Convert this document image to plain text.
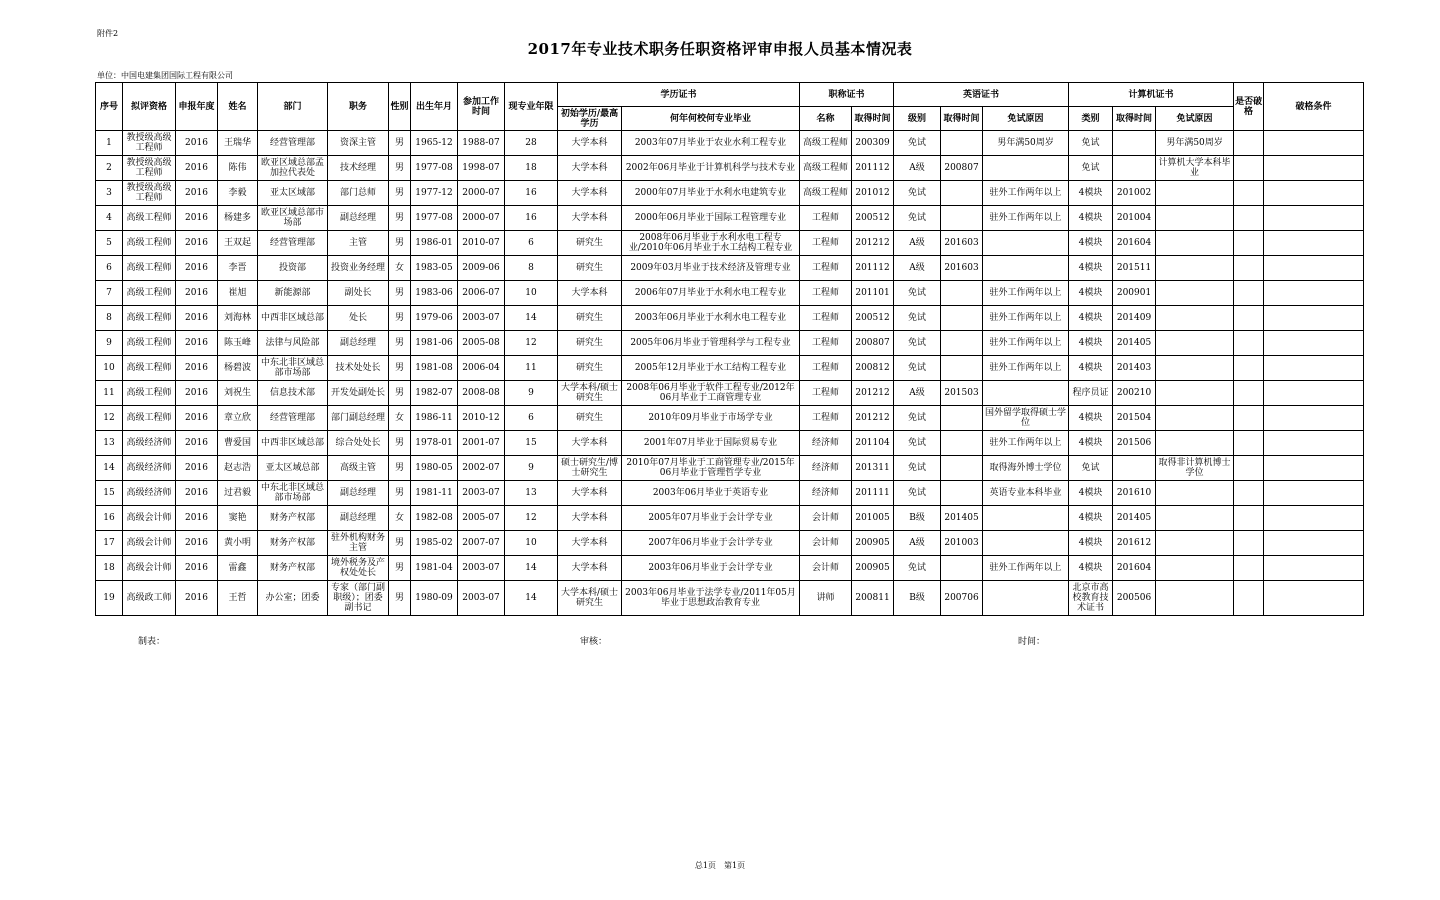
附件2
2017年专业技术职务任职资格评审申报人员基本情况表
单位：中国电建集团国际工程有限公司
序号	拟评资格	申报年度	姓名	部门	职务	性别	出生年月	参加工作时间	现专业年限	学历证书		职称证书		英语证书			计算机证书			是否破格	破格条件
										初始学历/最高学历	何年何校何专业毕业	名称	取得时间	级别	取得时间	免试原因	类别	取得时间	免试原因		
1	教授级高级工程师	2016	王瑞华	经营管理部	资深主管	男	1965-12	1988-07	28	大学本科	2003年07月毕业于农业水利工程专业	高级工程师	200309	免试		男年满50周岁	免试		男年满50周岁		
2	教授级高级工程师	2016	陈伟	欧亚区域总部孟加拉代表处	技术经理	男	1977-08	1998-07	18	大学本科	2002年06月毕业于计算机科学与技术专业	高级工程师	201112	A级	200807		免试		计算机大学本科毕业		
3	教授级高级工程师	2016	李毅	亚太区域部	部门总师	男	1977-12	2000-07	16	大学本科	2000年07月毕业于水利水电建筑专业	高级工程师	201012	免试		驻外工作两年以上	4模块	201002			
4	高级工程师	2016	杨建多	欧亚区域总部市场部	副总经理	男	1977-08	2000-07	16	大学本科	2000年06月毕业于国际工程管理专业	工程师	200512	免试		驻外工作两年以上	4模块	201004			
5	高级工程师	2016	王双起	经营管理部	主管	男	1986-01	2010-07	6	研究生	2008年06月毕业于水利水电工程专业/2010年06月毕业于水工结构工程专业	工程师	201212	A级	201603		4模块	201604			
6	高级工程师	2016	李晋	投资部	投资业务经理	女	1983-05	2009-06	8	研究生	2009年03月毕业于技术经济及管理专业	工程师	201112	A级	201603		4模块	201511			
7	高级工程师	2016	崔旭	新能源部	副处长	男	1983-06	2006-07	10	大学本科	2006年07月毕业于水利水电工程专业	工程师	201101	免试		驻外工作两年以上	4模块	200901			
8	高级工程师	2016	刘海林	中西非区域总部	处长	男	1979-06	2003-07	14	研究生	2003年06月毕业于水利水电工程专业	工程师	200512	免试		驻外工作两年以上	4模块	201409			
9	高级工程师	2016	陈玉峰	法律与风险部	副总经理	男	1981-06	2005-08	12	研究生	2005年06月毕业于管理科学与工程专业	工程师	200807	免试		驻外工作两年以上	4模块	201405			
10	高级工程师	2016	杨碧波	中东北非区域总部市场部	技术处处长	男	1981-08	2006-04	11	研究生	2005年12月毕业于水工结构工程专业	工程师	200812	免试		驻外工作两年以上	4模块	201403			
11	高级工程师	2016	刘祝生	信息技术部	开发处副处长	男	1982-07	2008-08	9	大学本科/硕士研究生	2008年06月毕业于软件工程专业/2012年06月毕业于工商管理专业	工程师	201212	A级	201503		程序员证	200210			
12	高级工程师	2016	章立欣	经营管理部	部门副总经理	女	1986-11	2010-12	6	研究生	2010年09月毕业于市场学专业	工程师	201212	免试		国外留学取得硕士学位	4模块	201504			
13	高级经济师	2016	曹爱国	中西非区域总部	综合处处长	男	1978-01	2001-07	15	大学本科	2001年07月毕业于国际贸易专业	经济师	201104	免试		驻外工作两年以上	4模块	201506			
14	高级经济师	2016	赵志浩	亚太区域总部	高级主管	男	1980-05	2002-07	9	硕士研究生/博士研究生	2010年07月毕业于工商管理专业/2015年06月毕业于管理哲学专业	经济师	201311	免试		取得海外博士学位	免试		取得非计算机博士学位		
15	高级经济师	2016	过君毅	中东北非区域总部市场部	副总经理	男	1981-11	2003-07	13	大学本科	2003年06月毕业于英语专业	经济师	201111	免试		英语专业本科毕业	4模块	201610			
16	高级会计师	2016	窦艳	财务产权部	副总经理	女	1982-08	2005-07	12	大学本科	2005年07月毕业于会计学专业	会计师	201005	B级	201405		4模块	201405			
17	高级会计师	2016	黄小明	财务产权部	驻外机构财务主管	男	1985-02	2007-07	10	大学本科	2007年06月毕业于会计学专业	会计师	200905	A级	201003		4模块	201612			
18	高级会计师	2016	雷鑫	财务产权部	境外税务及产权处处长	男	1981-04	2003-07	14	大学本科	2003年06月毕业于会计学专业	会计师	200905	免试		驻外工作两年以上	4模块	201604			
19	高级政工师	2016	王哲	办公室；团委	专家（部门副职级）；团委副书记	男	1980-09	2003-07	14	大学本科/硕士研究生	2003年06月毕业于法学专业/2011年05月毕业于思想政治教育专业	讲师	200811	B级	200706		北京市高校教育技术证书	200506			
制表：	审核：	时间：
总1页　第1页
